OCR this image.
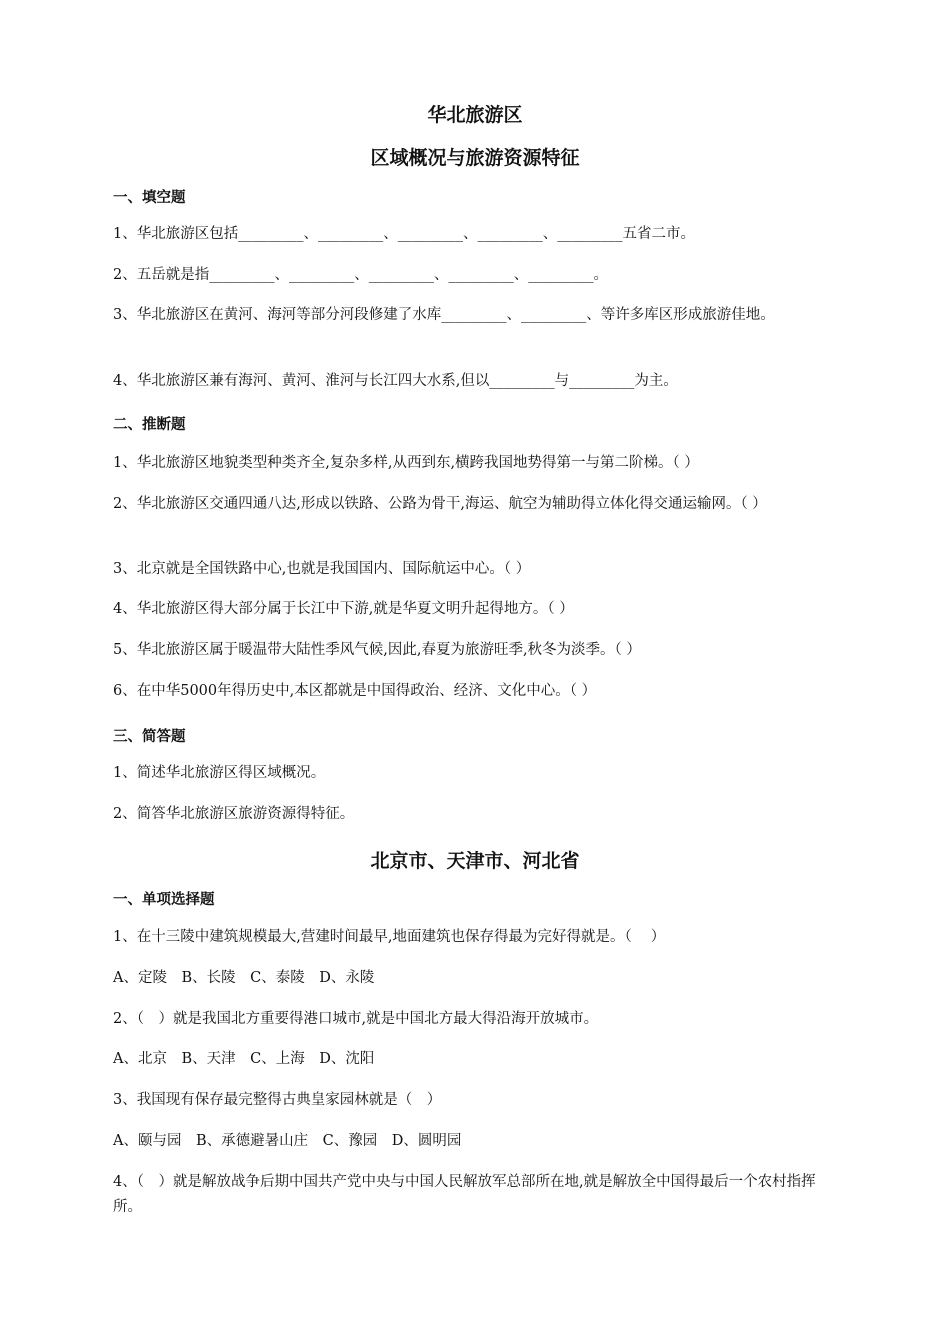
华北旅游区
区域概况与旅游资源特征
一、填空题
1、华北旅游区包括_________、_________、_________、_________、_________五省二市。
2、五岳就是指_________、_________、_________、_________、_________。
3、华北旅游区在黄河、海河等部分河段修建了水库_________、_________、等许多库区形成旅游佳地。
4、华北旅游区兼有海河、黄河、淮河与长江四大水系,但以_________与_________为主。
二、推断题
1、华北旅游区地貌类型种类齐全,复杂多样,从西到东,横跨我国地势得第一与第二阶梯。（ ）
2、华北旅游区交通四通八达,形成以铁路、公路为骨干,海运、航空为辅助得立体化得交通运输网。（ ）
3、北京就是全国铁路中心,也就是我国国内、国际航运中心。（ ）
4、华北旅游区得大部分属于长江中下游,就是华夏文明升起得地方。（ ）
5、华北旅游区属于暖温带大陆性季风气候,因此,春夏为旅游旺季,秋冬为淡季。（ ）
6、在中华5000年得历史中,本区都就是中国得政治、经济、文化中心。（ ）
三、简答题
1、简述华北旅游区得区域概况。
2、简答华北旅游区旅游资源得特征。
北京市、天津市、河北省
一、单项选择题
1、在十三陵中建筑规模最大,营建时间最早,地面建筑也保存得最为完好得就是。（　 ）
A、定陵　B、长陵　C、泰陵　D、永陵
2、（　）就是我国北方重要得港口城市,就是中国北方最大得沿海开放城市。
A、北京　B、天津　C、上海　D、沈阳
3、我国现有保存最完整得古典皇家园林就是（　）
A、颐与园　B、承德避暑山庄　C、豫园　D、圆明园
4、（　）就是解放战争后期中国共产党中央与中国人民解放军总部所在地,就是解放全中国得最后一个农村指挥所。
